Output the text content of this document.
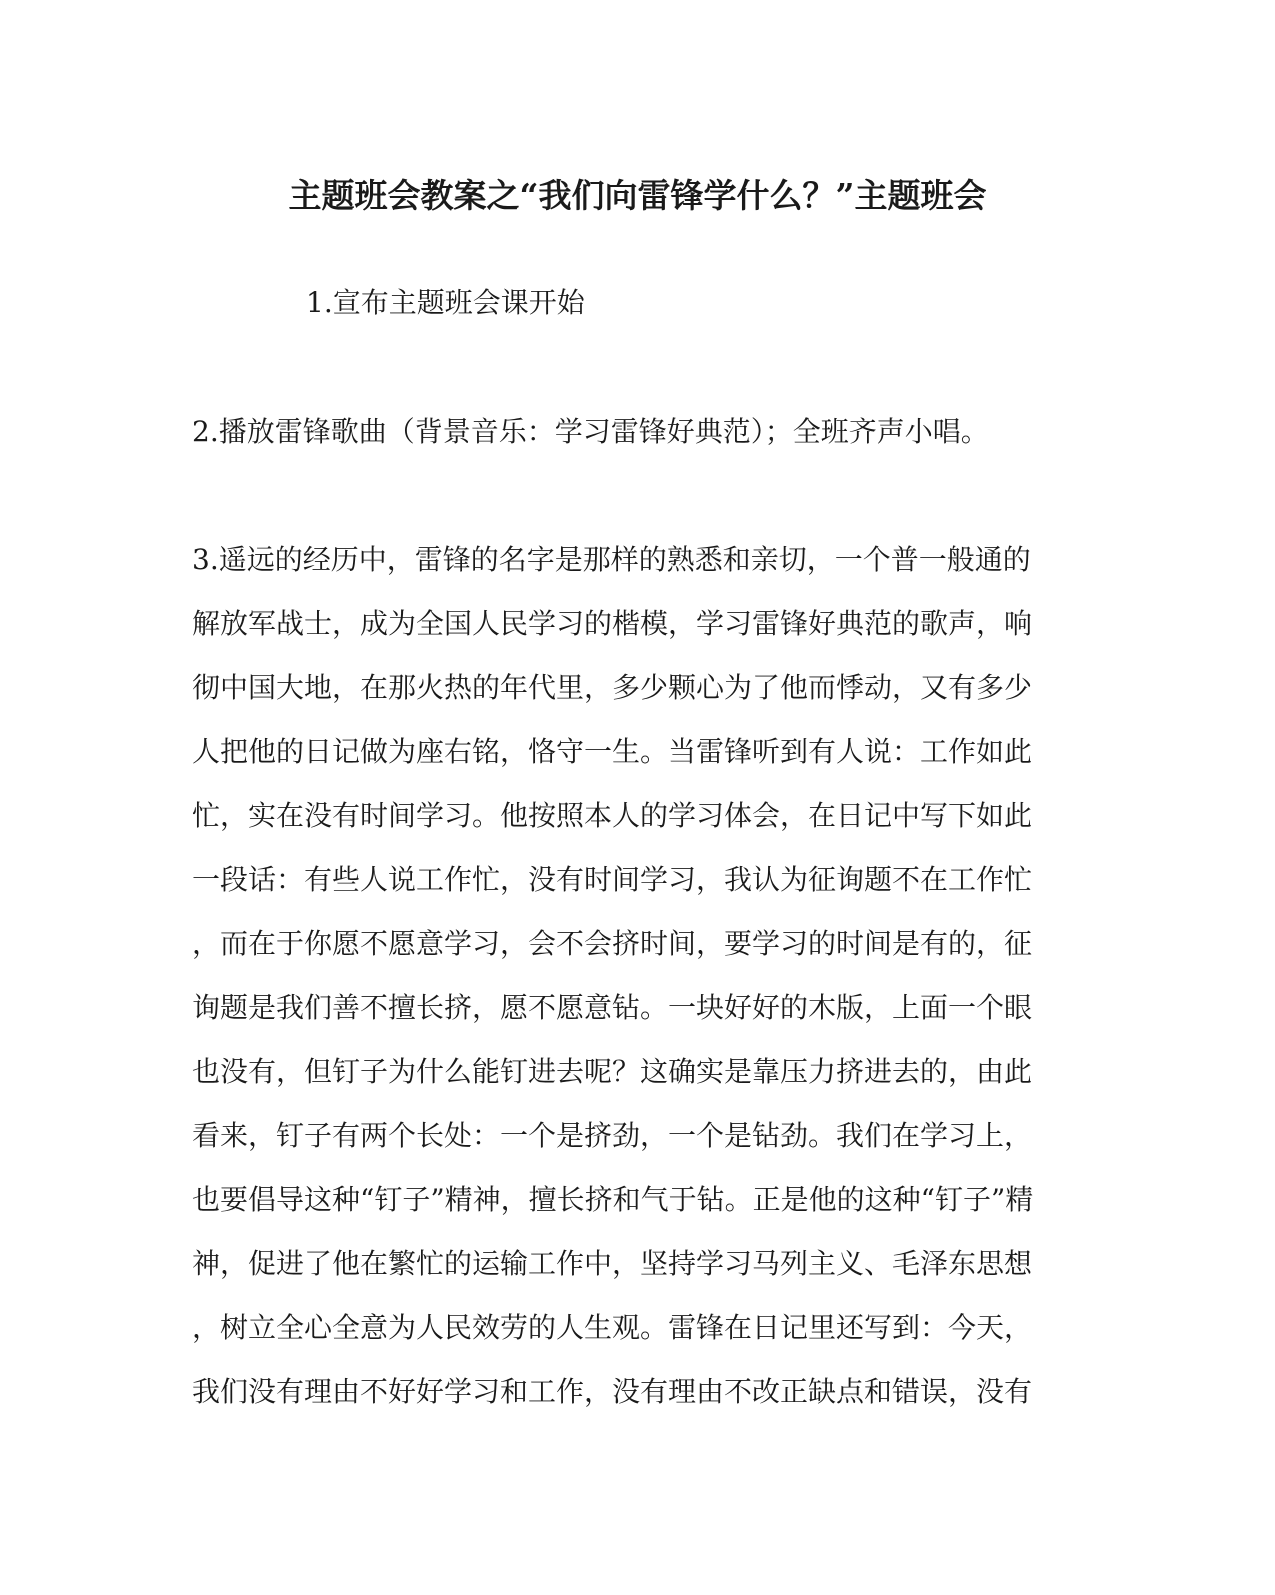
主题班会教案之“我们向雷锋学什么？”主题班会
1.宣布主题班会课开始
2.播放雷锋歌曲（背景音乐：学习雷锋好典范）；全班齐声小唱。
3.遥远的经历中，雷锋的名字是那样的熟悉和亲切，一个普一般通的
解放军战士，成为全国人民学习的楷模，学习雷锋好典范的歌声，响
彻中国大地，在那火热的年代里，多少颗心为了他而悸动，又有多少
人把他的日记做为座右铭，恪守一生。当雷锋听到有人说：工作如此
忙，实在没有时间学习。他按照本人的学习体会，在日记中写下如此
一段话：有些人说工作忙，没有时间学习，我认为征询题不在工作忙
，而在于你愿不愿意学习，会不会挤时间，要学习的时间是有的，征
询题是我们善不擅长挤，愿不愿意钻。一块好好的木版，上面一个眼
也没有，但钉子为什么能钉进去呢？这确实是靠压力挤进去的，由此
看来，钉子有两个长处：一个是挤劲，一个是钻劲。我们在学习上，
也要倡导这种“钉子”精神，擅长挤和气于钻。正是他的这种“钉子”精
神，促进了他在繁忙的运输工作中，坚持学习马列主义、毛泽东思想
，树立全心全意为人民效劳的人生观。雷锋在日记里还写到：今天，
我们没有理由不好好学习和工作，没有理由不改正缺点和错误，没有
